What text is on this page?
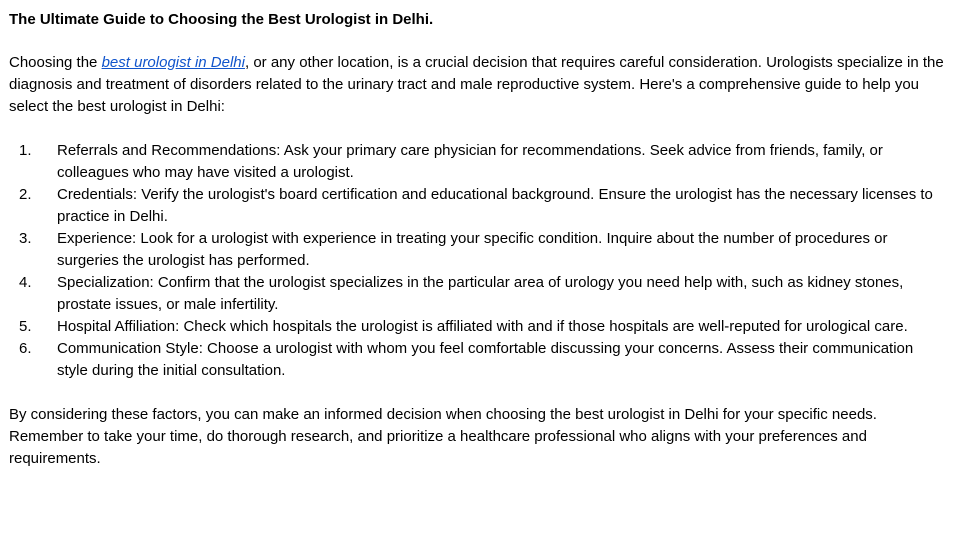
The Ultimate Guide to Choosing the Best Urologist in Delhi.

Choosing the best urologist in Delhi, or any other location, is a crucial decision that requires careful consideration. Urologists specialize in the diagnosis and treatment of disorders related to the urinary tract and male reproductive system. Here's a comprehensive guide to help you select the best urologist in Delhi:

1. Referrals and Recommendations: Ask your primary care physician for recommendations. Seek advice from friends, family, or colleagues who may have visited a urologist.
2. Credentials: Verify the urologist's board certification and educational background. Ensure the urologist has the necessary licenses to practice in Delhi.
3. Experience: Look for a urologist with experience in treating your specific condition. Inquire about the number of procedures or surgeries the urologist has performed.
4. Specialization: Confirm that the urologist specializes in the particular area of urology you need help with, such as kidney stones, prostate issues, or male infertility.
5. Hospital Affiliation: Check which hospitals the urologist is affiliated with and if those hospitals are well-reputed for urological care.
6. Communication Style: Choose a urologist with whom you feel comfortable discussing your concerns. Assess their communication style during the initial consultation.

By considering these factors, you can make an informed decision when choosing the best urologist in Delhi for your specific needs. Remember to take your time, do thorough research, and prioritize a healthcare professional who aligns with your preferences and requirements.
